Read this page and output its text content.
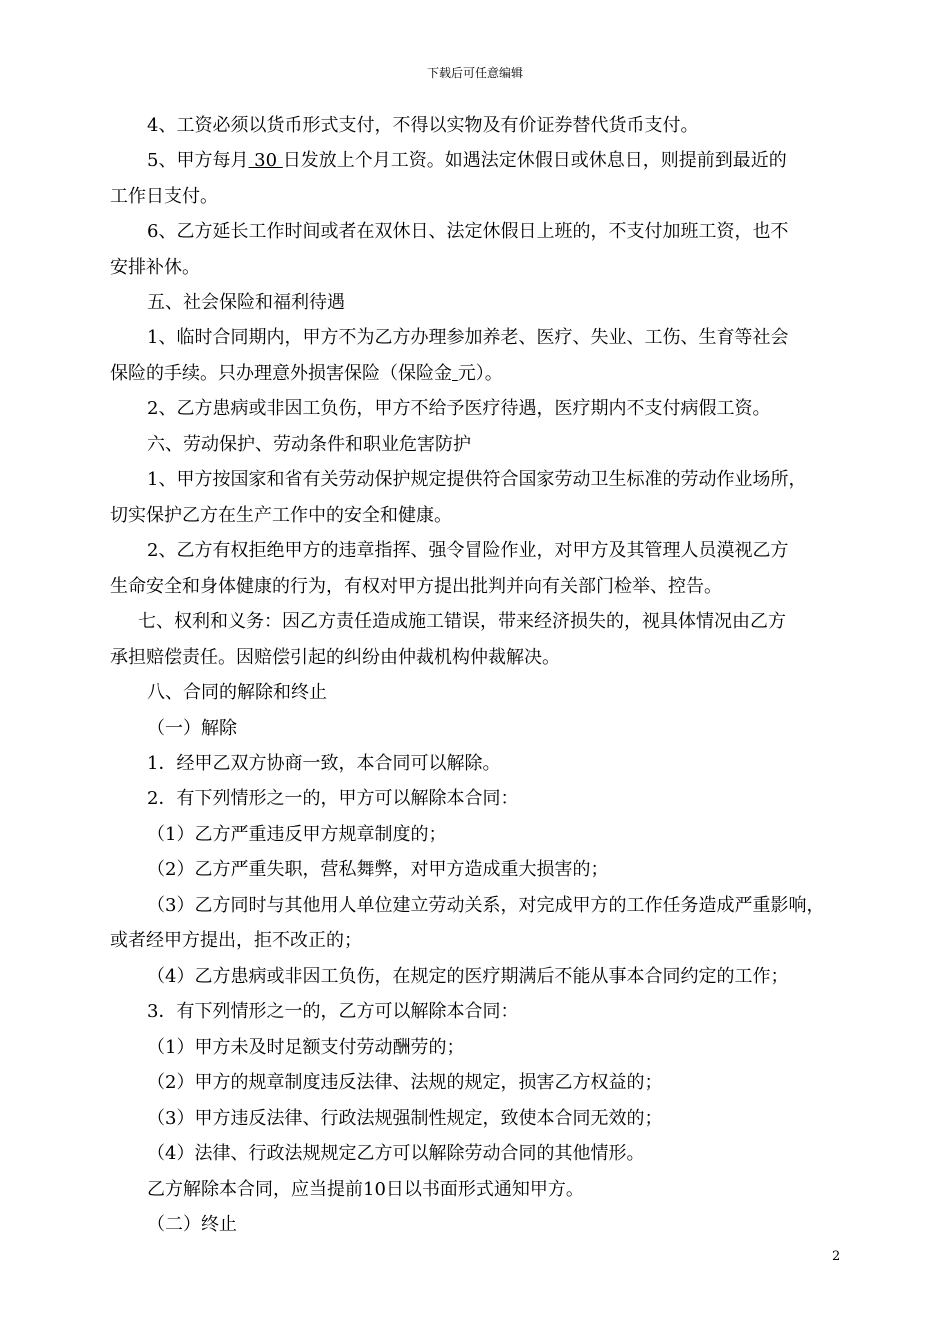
下载后可任意编辑
4、工资必须以货币形式支付，不得以实物及有价证券替代货币支付。
5、甲方每月 30 日发放上个月工资。如遇法定休假日或休息日，则提前到最近的
工作日支付。
6、乙方延长工作时间或者在双休日、法定休假日上班的，不支付加班工资，也不
安排补休。
五、社会保险和福利待遇
1、临时合同期内，甲方不为乙方办理参加养老、医疗、失业、工伤、生育等社会
保险的手续。只办理意外损害保险（保险金 元）。
2、乙方患病或非因工负伤，甲方不给予医疗待遇，医疗期内不支付病假工资。
六、劳动保护、劳动条件和职业危害防护
1、甲方按国家和省有关劳动保护规定提供符合国家劳动卫生标准的劳动作业场所，
切实保护乙方在生产工作中的安全和健康。
2、乙方有权拒绝甲方的违章指挥、强令冒险作业，对甲方及其管理人员漠视乙方
生命安全和身体健康的行为，有权对甲方提出批判并向有关部门检举、控告。
七、权利和义务：因乙方责任造成施工错误，带来经济损失的，视具体情况由乙方
承担赔偿责任。因赔偿引起的纠纷由仲裁机构仲裁解决。
八、合同的解除和终止
（一）解除
1．经甲乙双方协商一致，本合同可以解除。
2．有下列情形之一的，甲方可以解除本合同：
（1）乙方严重违反甲方规章制度的；
（2）乙方严重失职，营私舞弊，对甲方造成重大损害的；
（3）乙方同时与其他用人单位建立劳动关系，对完成甲方的工作任务造成严重影响，
或者经甲方提出，拒不改正的；
（4）乙方患病或非因工负伤，在规定的医疗期满后不能从事本合同约定的工作；
3．有下列情形之一的，乙方可以解除本合同：
（1）甲方未及时足额支付劳动酬劳的；
（2）甲方的规章制度违反法律、法规的规定，损害乙方权益的；
（3）甲方违反法律、行政法规强制性规定，致使本合同无效的；
（4）法律、行政法规规定乙方可以解除劳动合同的其他情形。
乙方解除本合同，应当提前10日以书面形式通知甲方。
（二）终止
2
